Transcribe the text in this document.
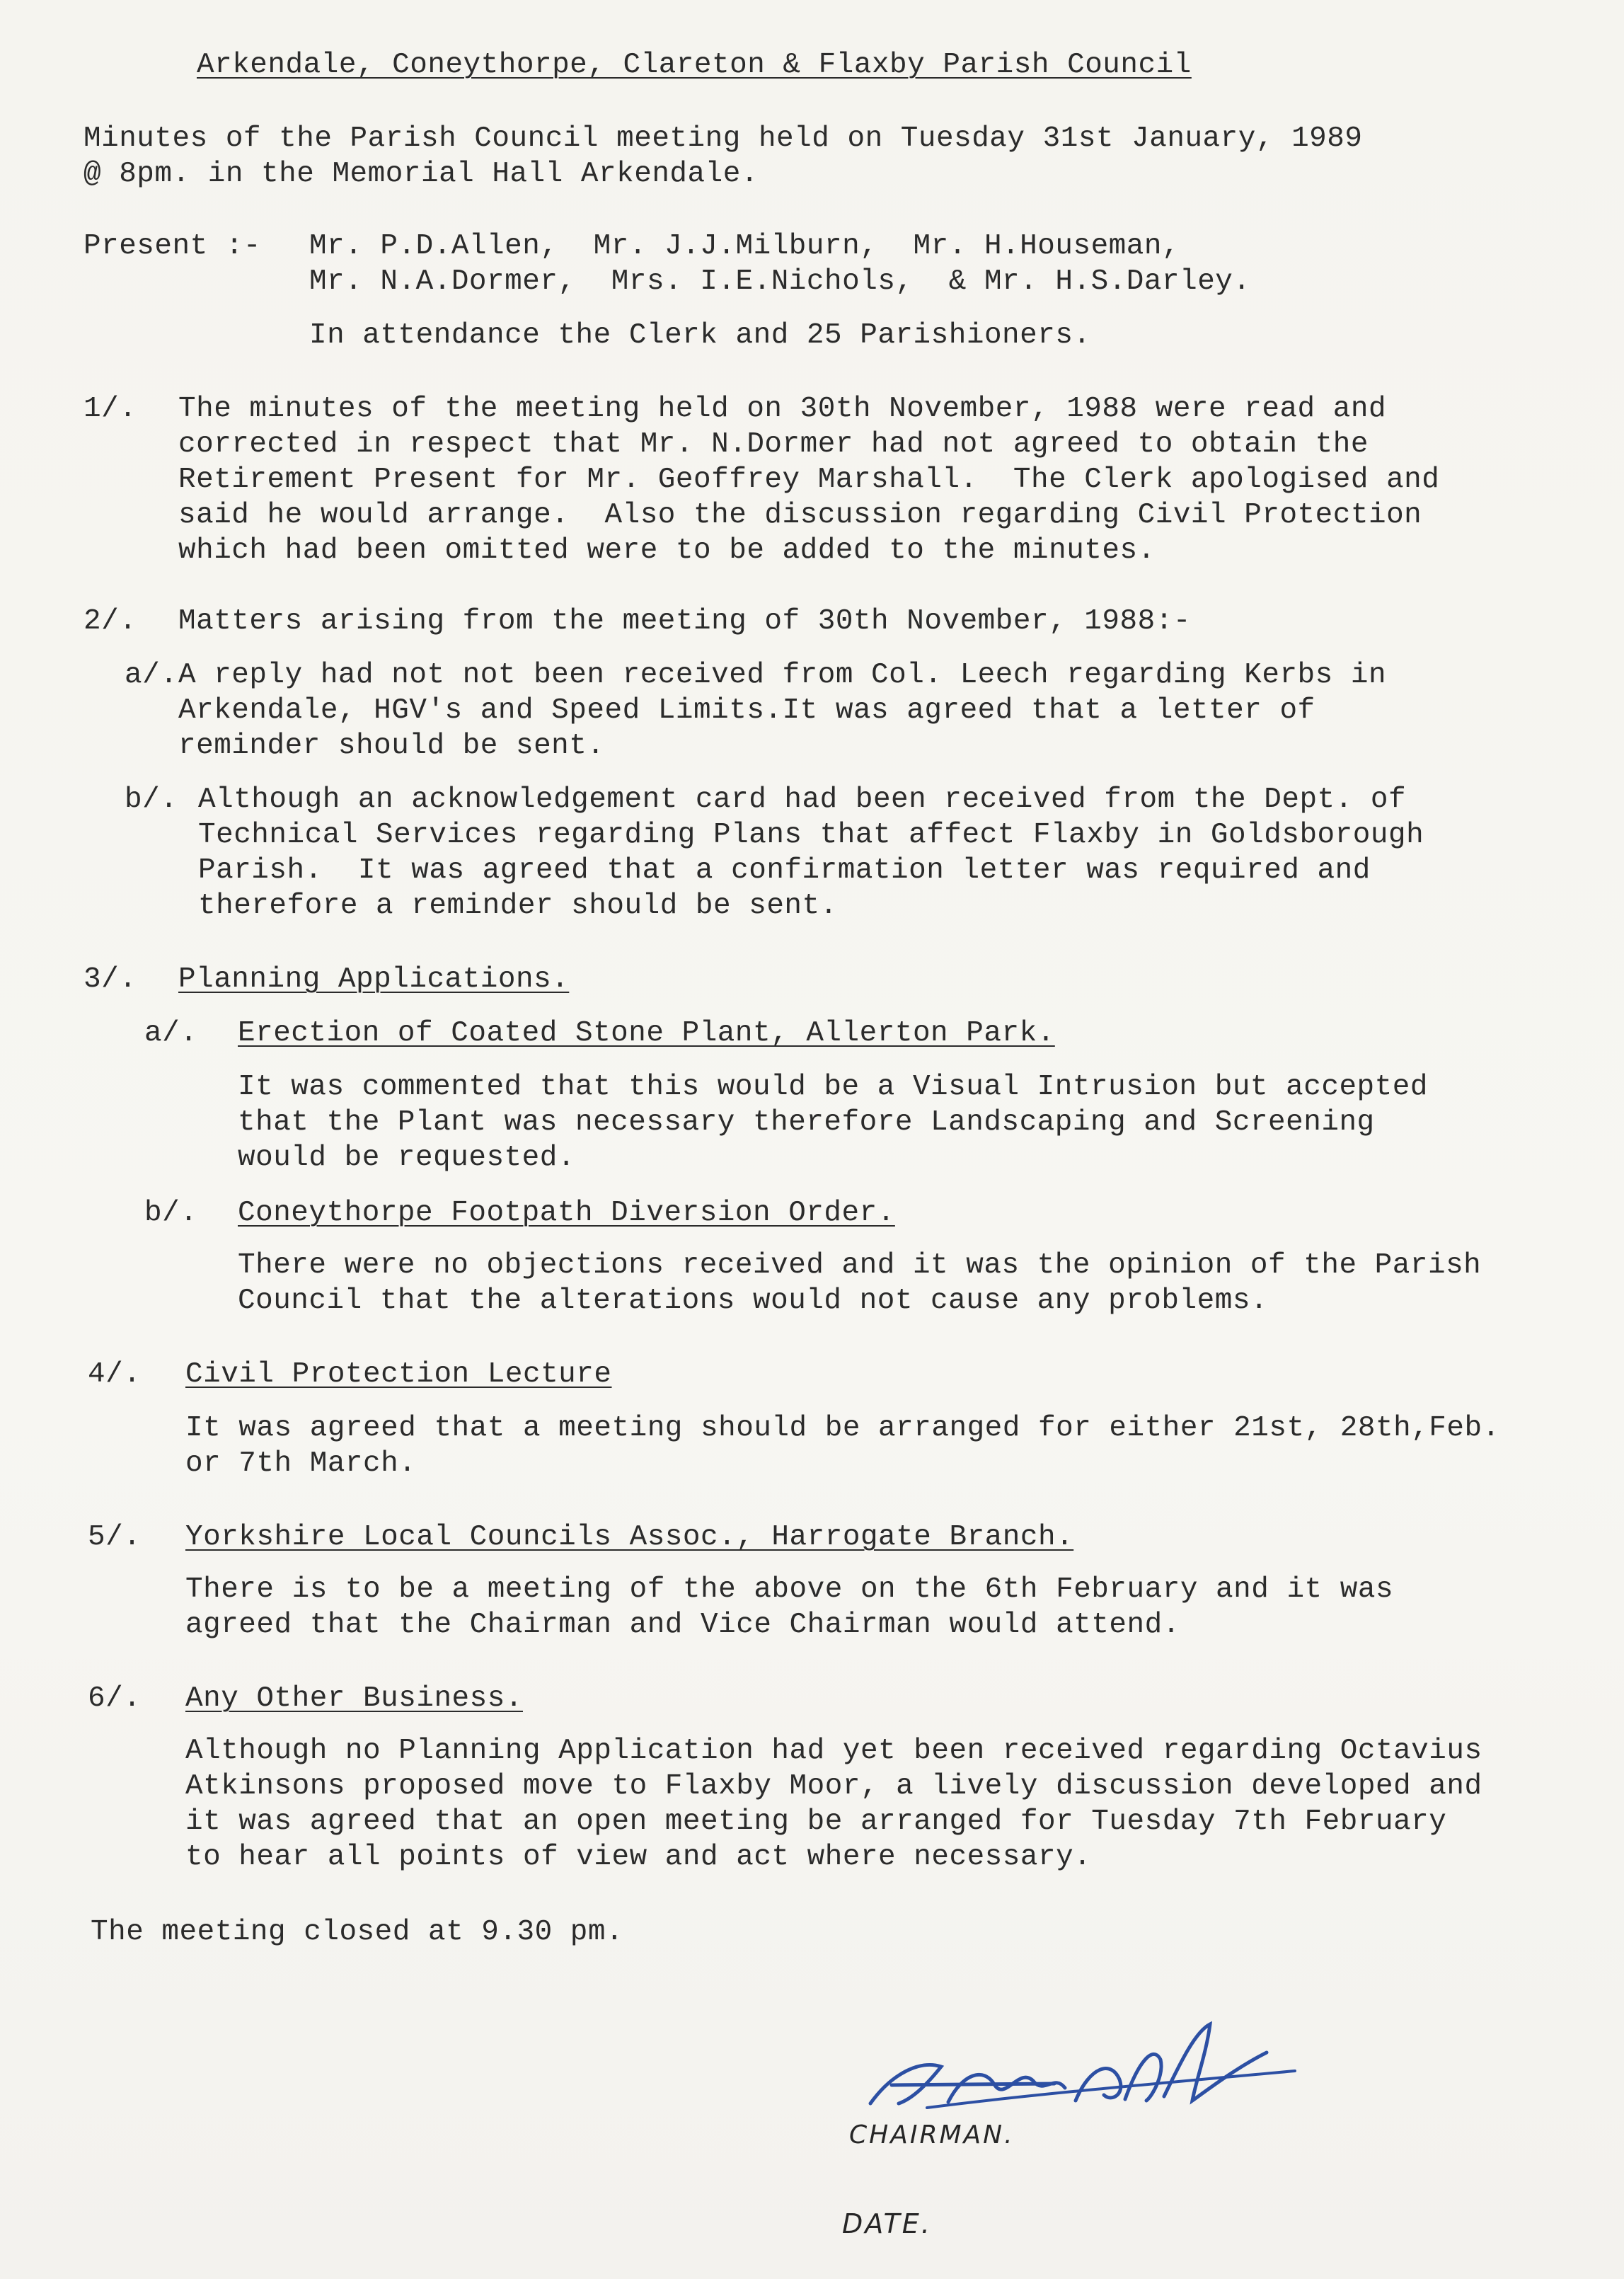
Arkendale, Coneythorpe, Clareton & Flaxby Parish Council
Minutes of the Parish Council meeting held on Tuesday 31st January, 1989
@ 8pm. in the Memorial Hall Arkendale.
Present :- Mr. P.D.Allen,  Mr. J.J.Milburn,  Mr. H.Houseman,
Mr. N.A.Dormer,  Mrs. I.E.Nichols,  & Mr. H.S.Darley.
In attendance the Clerk and 25 Parishioners.
1/. The minutes of the meeting held on 30th November, 1988 were read and
corrected in respect that Mr. N.Dormer had not agreed to obtain the
Retirement Present for Mr. Geoffrey Marshall.  The Clerk apologised and
said he would arrange.  Also the discussion regarding Civil Protection
which had been omitted were to be added to the minutes.
2/. Matters arising from the meeting of 30th November, 1988:-
a/. A reply had not not been received from Col. Leech regarding Kerbs in
Arkendale, HGV's and Speed Limits.It was agreed that a letter of
reminder should be sent.
b/. Although an acknowledgement card had been received from the Dept. of
Technical Services regarding Plans that affect Flaxby in Goldsborough
Parish.  It was agreed that a confirmation letter was required and
therefore a reminder should be sent.
3/. Planning Applications.
a/. Erection of Coated Stone Plant, Allerton Park.
It was commented that this would be a Visual Intrusion but accepted
that the Plant was necessary therefore Landscaping and Screening
would be requested.
b/. Coneythorpe Footpath Diversion Order.
There were no objections received and it was the opinion of the Parish
Council that the alterations would not cause any problems.
4/. Civil Protection Lecture
It was agreed that a meeting should be arranged for either 21st, 28th,Feb.
or 7th March.
5/. Yorkshire Local Councils Assoc., Harrogate Branch.
There is to be a meeting of the above on the 6th February and it was
agreed that the Chairman and Vice Chairman would attend.
6/. Any Other Business.
Although no Planning Application had yet been received regarding Octavius
Atkinsons proposed move to Flaxby Moor, a lively discussion developed and
it was agreed that an open meeting be arranged for Tuesday 7th February
to hear all points of view and act where necessary.
The meeting closed at 9.30 pm.
CHAIRMAN.
DATE.
